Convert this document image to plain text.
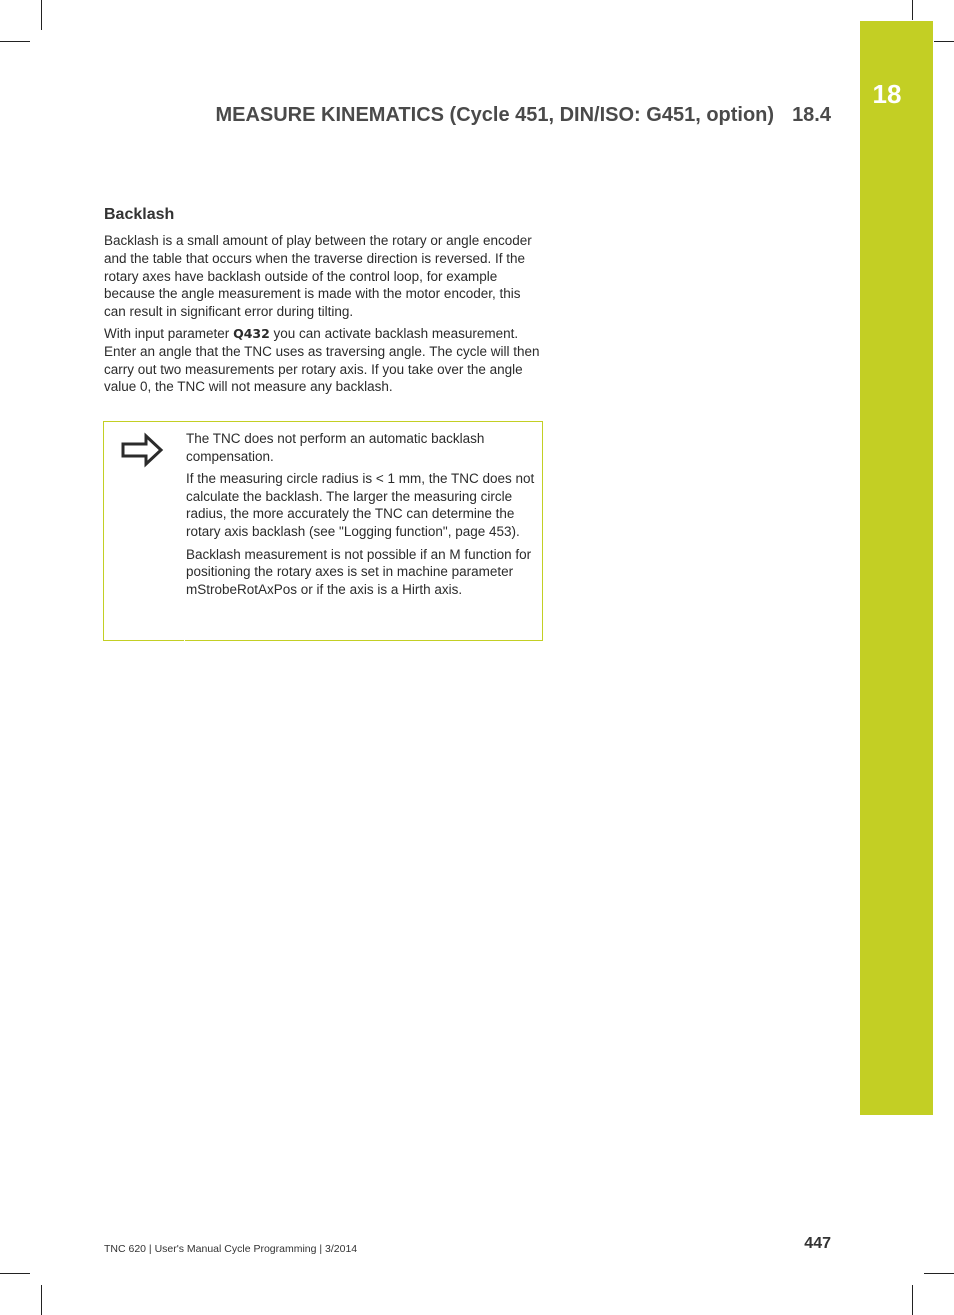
18
MEASURE KINEMATICS (Cycle 451, DIN/ISO: G451, option) 18.4
Backlash

Backlash is a small amount of play between the rotary or angle encoder and the table that occurs when the traverse direction is reversed. If the rotary axes have backlash outside of the control loop, for example because the angle measurement is made with the motor encoder, this can result in significant error during tilting.

With input parameter Q432 you can activate backlash measurement. Enter an angle that the TNC uses as traversing angle. The cycle will then carry out two measurements per rotary axis. If you take over the angle value 0, the TNC will not measure any backlash.

The TNC does not perform an automatic backlash compensation.

If the measuring circle radius is < 1 mm, the TNC does not calculate the backlash. The larger the measuring circle radius, the more accurately the TNC can determine the rotary axis backlash (see "Logging function", page 453).

Backlash measurement is not possible if an M function for positioning the rotary axes is set in machine parameter mStrobeRotAxPos or if the axis is a Hirth axis.

TNC 620 | User's Manual Cycle Programming | 3/2014	447
